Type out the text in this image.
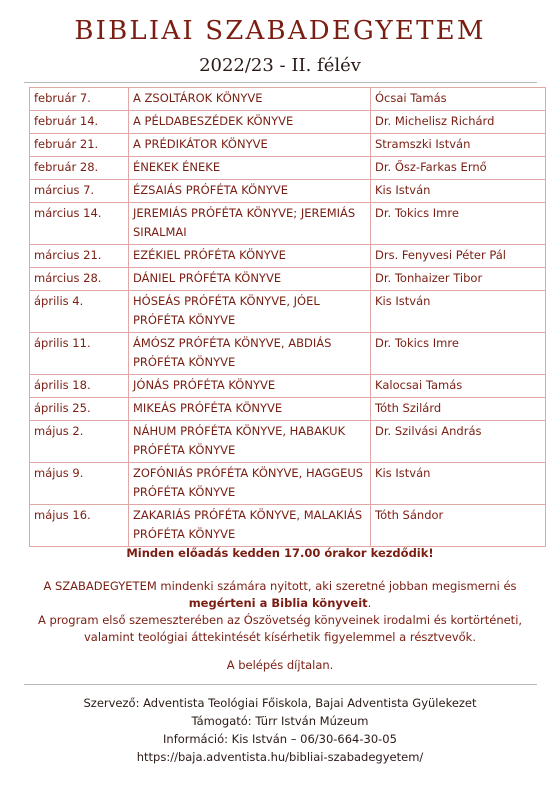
BIBLIAI SZABADEGYETEM
2022/23 - II. félév
február 7.	A ZSOLTÁROK KÖNYVE	Ócsai Tamás
február 14.	A PÉLDABESZÉDEK KÖNYVE	Dr. Michelisz Richárd
február 21.	A PRÉDIKÁTOR KÖNYVE	Stramszki István
február 28.	ÉNEKEK ÉNEKE	Dr. Ősz-Farkas Ernő
március 7.	ÉZSAIÁS PRÓFÉTA KÖNYVE	Kis István
március 14.	JEREMIÁS PRÓFÉTA KÖNYVE; JEREMIÁS SIRALMAI	Dr. Tokics Imre
március 21.	EZÉKIEL PRÓFÉTA KÖNYVE	Drs. Fenyvesi Péter Pál
március 28.	DÁNIEL PRÓFÉTA KÖNYVE	Dr. Tonhaizer Tibor
április 4.	HÓSEÁS PRÓFÉTA KÖNYVE, JÓEL PRÓFÉTA KÖNYVE	Kis István
április 11.	ÁMÓSZ PRÓFÉTA KÖNYVE, ABDIÁS PRÓFÉTA KÖNYVE	Dr. Tokics Imre
április 18.	JÓNÁS PRÓFÉTA KÖNYVE	Kalocsai Tamás
április 25.	MIKEÁS PRÓFÉTA KÖNYVE	Tóth Szilárd
május 2.	NÁHUM PRÓFÉTA KÖNYVE, HABAKUK PRÓFÉTA KÖNYVE	Dr. Szilvási András
május 9.	ZOFÓNIÁS PRÓFÉTA KÖNYVE, HAGGEUS PRÓFÉTA KÖNYVE	Kis István
május 16.	ZAKARIÁS PRÓFÉTA KÖNYVE, MALAKIÁS PRÓFÉTA KÖNYVE	Tóth Sándor
Minden előadás kedden 17.00 órakor kezdődik!
A SZABADEGYETEM mindenki számára nyitott, aki szeretné jobban megismerni és
megérteni a Biblia könyveit.
A program első szemeszterében az Ószövetség könyveinek irodalmi és kortörténeti,
valamint teológiai áttekintését kísérhetik figyelemmel a résztvevők.
A belépés díjtalan.
Szervező: Adventista Teológiai Főiskola, Bajai Adventista Gyülekezet
Támogató: Türr István Múzeum
Információ: Kis István – 06/30-664-30-05
https://baja.adventista.hu/bibliai-szabadegyetem/
